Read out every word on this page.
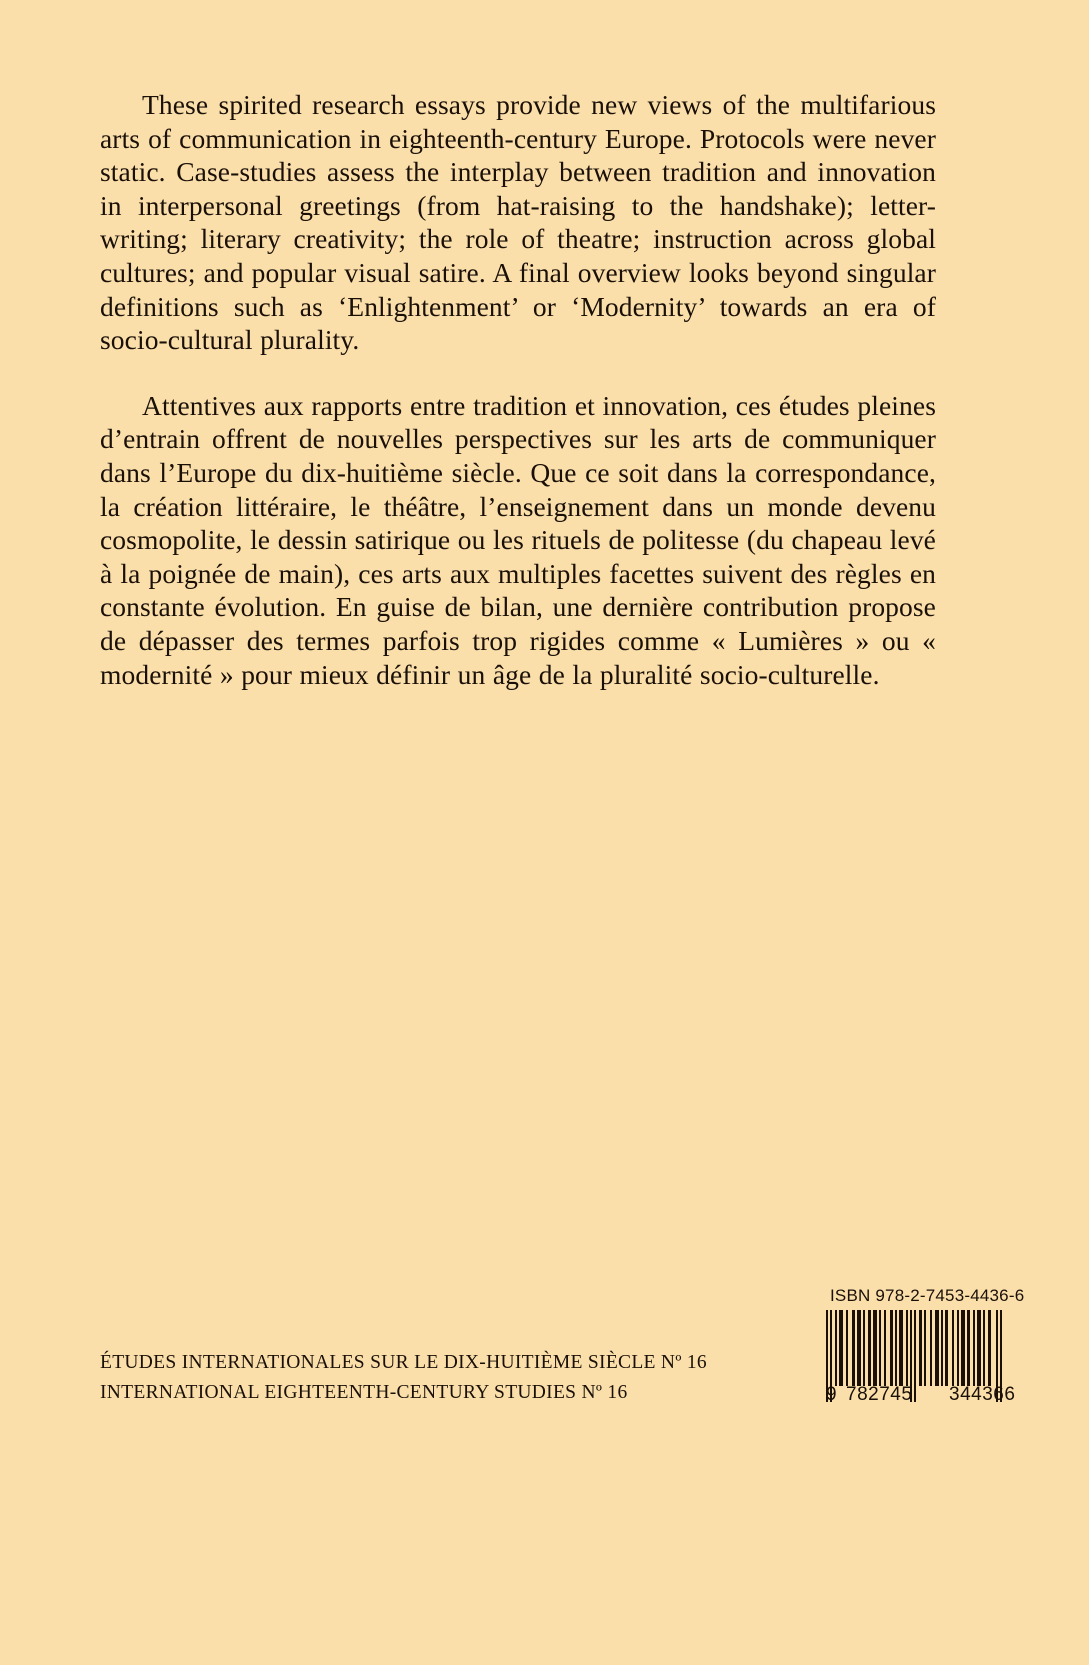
These spirited research essays provide new views of the multifarious arts of communication in eighteenth-century Europe. Protocols were never static. Case-studies assess the interplay between tradition and innovation in interpersonal greetings (from hat-raising to the handshake); letter-writing; literary creativity; the role of theatre; instruction across global cultures; and popular visual satire. A final overview looks beyond singular definitions such as ‘Enlightenment’ or ‘Modernity’ towards an era of socio-cultural plurality.

Attentives aux rapports entre tradition et innovation, ces études pleines d’entrain offrent de nouvelles perspectives sur les arts de communiquer dans l’Europe du dix-huitième siècle. Que ce soit dans la correspondance, la création littéraire, le théâtre, l’enseignement dans un monde devenu cosmopolite, le dessin satirique ou les rituels de politesse (du chapeau levé à la poignée de main), ces arts aux multiples facettes suivent des règles en constante évolution. En guise de bilan, une dernière contribution propose de dépasser des termes parfois trop rigides comme « Lumières » ou « modernité » pour mieux définir un âge de la pluralité socio-culturelle.

ÉTUDES INTERNATIONALES SUR LE DIX-HUITIÈME SIÈCLE Nº 16
INTERNATIONAL EIGHTEENTH-CENTURY STUDIES Nº 16
ISBN 978-2-7453-4436-6
9 782745 344366
